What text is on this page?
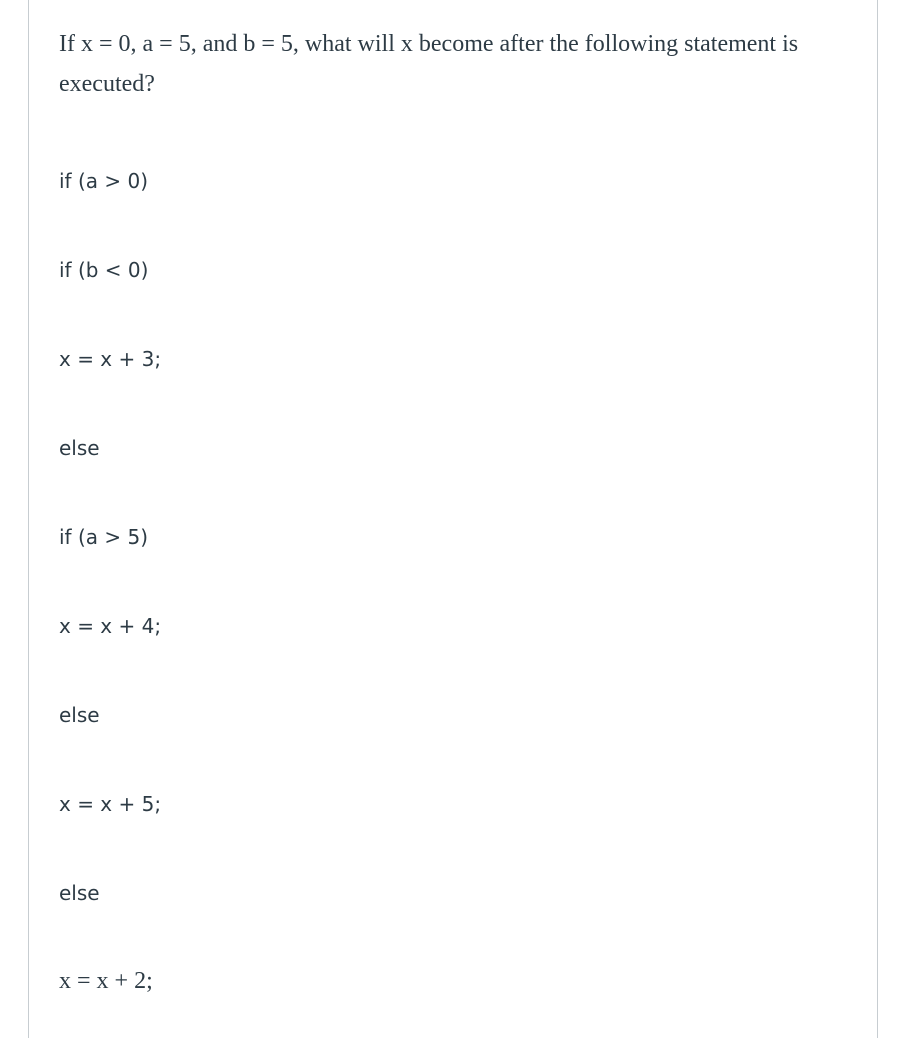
If x = 0, a = 5, and b = 5, what will x become after the following statement is executed?

if (a > 0)

if (b < 0)

x = x + 3;

else

if (a > 5)

x = x + 4;

else

x = x + 5;

else

x = x + 2;
